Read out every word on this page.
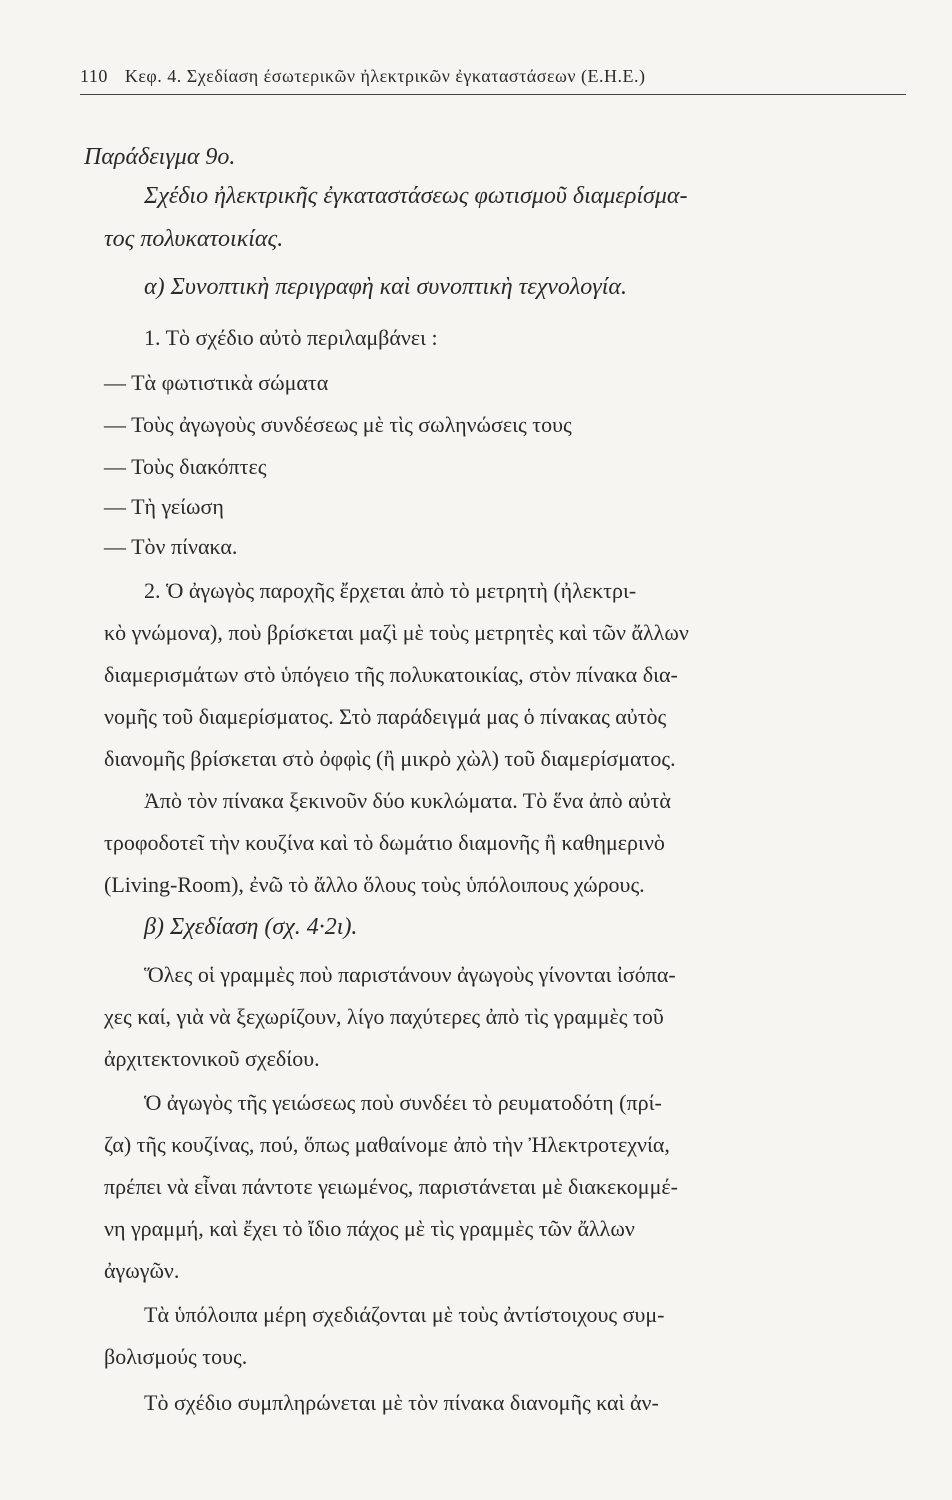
110 Κεφ. 4. Σχεδίαση έσωτερικῶν ἠλεκτρικῶν ἐγκαταστάσεων (Ε.Η.Ε.)
Παράδειγμα 9ο.
Σχέδιο ἠλεκτρικῆς ἐγκαταστάσεως φωτισμοῦ διαμερίσμα-
τος πολυκατοικίας.
α) Συνοπτικὴ περιγραφὴ καὶ συνοπτικὴ τεχνολογία.
1. Τὸ σχέδιο αὐτὸ περιλαμβάνει :
— Τὰ φωτιστικὰ σώματα
— Τοὺς ἀγωγοὺς συνδέσεως μὲ τὶς σωληνώσεις τους
— Τοὺς διακόπτες
— Τὴ γείωση
— Τὸν πίνακα.
2. Ὁ ἀγωγὸς παροχῆς ἔρχεται ἀπὸ τὸ μετρητὴ (ἠλεκτρι-
κὸ γνώμονα), ποὺ βρίσκεται μαζὶ μὲ τοὺς μετρητὲς καὶ τῶν ἄλλων
διαμερισμάτων στὸ ὑπόγειο τῆς πολυκατοικίας, στὸν πίνακα δια-
νομῆς τοῦ διαμερίσματος. Στὸ παράδειγμά μας ὁ πίνακας αὐτὸς
διανομῆς βρίσκεται στὸ ὀφφὶς (ἢ μικρὸ χὼλ) τοῦ διαμερίσματος.
Ἀπὸ τὸν πίνακα ξεκινοῦν δύο κυκλώματα. Τὸ ἕνα ἀπὸ αὐτὰ
τροφοδοτεῖ τὴν κουζίνα καὶ τὸ δωμάτιο διαμονῆς ἢ καθημερινὸ
(Living-Room), ἐνῶ τὸ ἄλλο ὅλους τοὺς ὑπόλοιπους χώρους.
β) Σχεδίαση (σχ. 4·2ι).
Ὅλες οἱ γραμμὲς ποὺ παριστάνουν ἀγωγοὺς γίνονται ἰσόπα-
χες καί, γιὰ νὰ ξεχωρίζουν, λίγο παχύτερες ἀπὸ τὶς γραμμὲς τοῦ
ἀρχιτεκτονικοῦ σχεδίου.
Ὁ ἀγωγὸς τῆς γειώσεως ποὺ συνδέει τὸ ρευματοδότη (πρί-
ζα) τῆς κουζίνας, πού, ὅπως μαθαίνομε ἀπὸ τὴν Ἠλεκτροτεχνία,
πρέπει νὰ εἶναι πάντοτε γειωμένος, παριστάνεται μὲ διακεκομμέ-
νη γραμμή, καὶ ἔχει τὸ ἴδιο πάχος μὲ τὶς γραμμὲς τῶν ἄλλων
ἀγωγῶν.
Τὰ ὑπόλοιπα μέρη σχεδιάζονται μὲ τοὺς ἀντίστοιχους συμ-
βολισμούς τους.
Τὸ σχέδιο συμπληρώνεται μὲ τὸν πίνακα διανομῆς καὶ ἀν-
